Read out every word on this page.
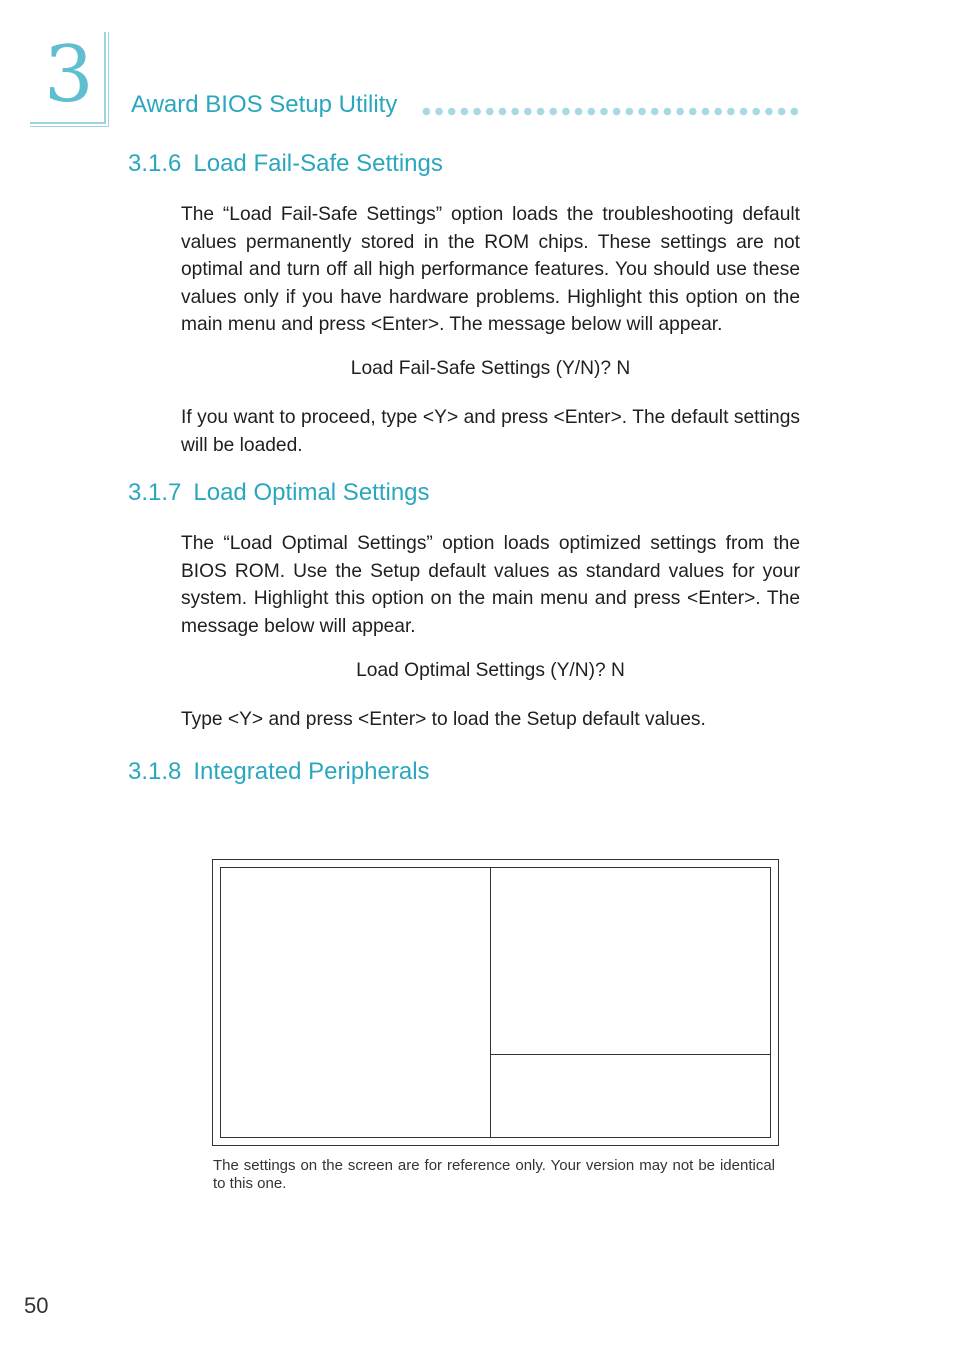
3 Award BIOS Setup Utility
3.1.6 Load Fail-Safe Settings
The “Load Fail-Safe Settings” option loads the troubleshooting default values permanently stored in the ROM chips. These settings are not optimal and turn off all high performance features. You should use these values only if you have hardware problems. Highlight this option on the main menu and press <Enter>. The message below will appear.
Load Fail-Safe Settings (Y/N)? N
If you want to proceed, type <Y> and press <Enter>. The default settings will be loaded.
3.1.7 Load Optimal Settings
The “Load Optimal Settings” option loads optimized settings from the BIOS ROM. Use the Setup default values as standard values for your system. Highlight this option on the main menu and press <Enter>. The message below will appear.
Load Optimal Settings (Y/N)? N
Type <Y> and press <Enter> to load the Setup default values.
3.1.8 Integrated Peripherals
The settings on the screen are for reference only. Your version may not be identical to this one.
50
